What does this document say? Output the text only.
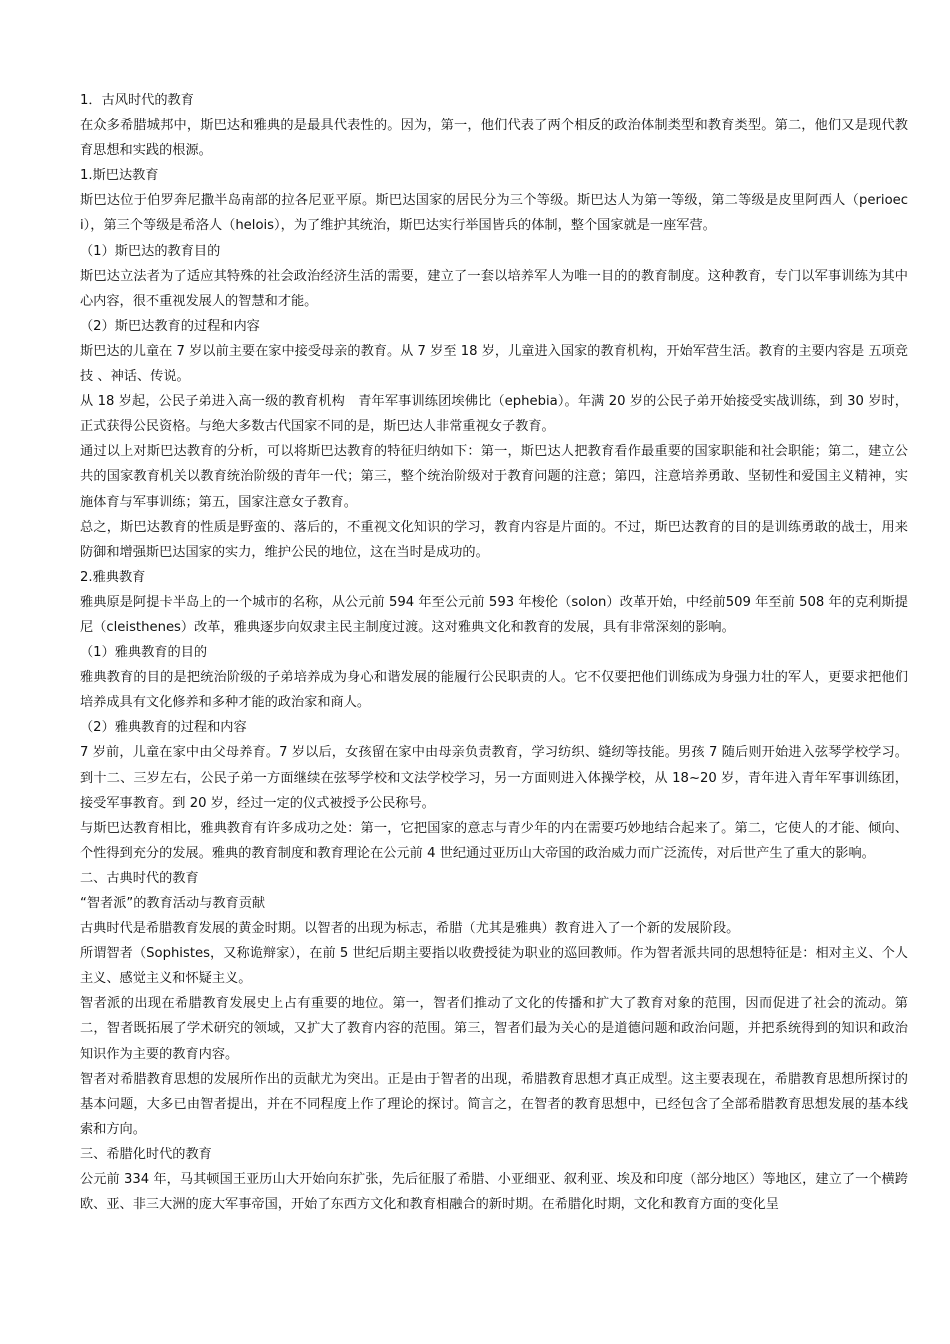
1．古风时代的教育

在众多希腊城邦中，斯巴达和雅典的是最具代表性的。因为，第一，他们代表了两个相反的政治体制类型和教育类型。第二，他们又是现代教育思想和实践的根源。

1.斯巴达教育

斯巴达位于伯罗奔尼撒半岛南部的拉各尼亚平原。斯巴达国家的居民分为三个等级。斯巴达人为第一等级，第二等级是皮里阿西人（perioeci），第三个等级是希洛人（helois），为了维护其统治，斯巴达实行举国皆兵的体制，整个国家就是一座军营。

（1）斯巴达的教育目的

斯巴达立法者为了适应其特殊的社会政治经济生活的需要，建立了一套以培养军人为唯一目的的教育制度。这种教育，专门以军事训练为其中心内容，很不重视发展人的智慧和才能。

（2）斯巴达教育的过程和内容

斯巴达的儿童在 7 岁以前主要在家中接受母亲的教育。从 7 岁至 18 岁，儿童进入国家的教育机构，开始军营生活。教育的主要内容是 五项竞技 、神话、传说。

从 18 岁起，公民子弟进入高一级的教育机构　青年军事训练团埃佛比（ephebia）。年满 20 岁的公民子弟开始接受实战训练，到 30 岁时，正式获得公民资格。与绝大多数古代国家不同的是，斯巴达人非常重视女子教育。

通过以上对斯巴达教育的分析，可以将斯巴达教育的特征归纳如下：第一，斯巴达人把教育看作最重要的国家职能和社会职能；第二，建立公共的国家教育机关以教育统治阶级的青年一代；第三，整个统治阶级对于教育问题的注意；第四，注意培养勇敢、坚韧性和爱国主义精神，实施体育与军事训练；第五，国家注意女子教育。

总之，斯巴达教育的性质是野蛮的、落后的，不重视文化知识的学习，教育内容是片面的。不过，斯巴达教育的目的是训练勇敢的战士，用来防御和增强斯巴达国家的实力，维护公民的地位，这在当时是成功的。

2.雅典教育

雅典原是阿提卡半岛上的一个城市的名称，从公元前 594 年至公元前 593 年梭伦（solon）改革开始，中经前509 年至前 508 年的克利斯提尼（cleisthenes）改革，雅典逐步向奴隶主民主制度过渡。这对雅典文化和教育的发展，具有非常深刻的影响。

（1）雅典教育的目的

雅典教育的目的是把统治阶级的子弟培养成为身心和谐发展的能履行公民职责的人。它不仅要把他们训练成为身强力壮的军人，更要求把他们培养成具有文化修养和多种才能的政治家和商人。

（2）雅典教育的过程和内容

7 岁前，儿童在家中由父母养育。7 岁以后，女孩留在家中由母亲负责教育，学习纺织、缝纫等技能。男孩 7 随后则开始进入弦琴学校学习。到十二、三岁左右，公民子弟一方面继续在弦琴学校和文法学校学习，另一方面则进入体操学校，从 18~20 岁，青年进入青年军事训练团，接受军事教育。到 20 岁，经过一定的仪式被授予公民称号。

与斯巴达教育相比，雅典教育有许多成功之处：第一，它把国家的意志与青少年的内在需要巧妙地结合起来了。第二，它使人的才能、倾向、个性得到充分的发展。雅典的教育制度和教育理论在公元前 4 世纪通过亚历山大帝国的政治威力而广泛流传，对后世产生了重大的影响。

二、古典时代的教育

“智者派”的教育活动与教育贡献

古典时代是希腊教育发展的黄金时期。以智者的出现为标志，希腊（尤其是雅典）教育进入了一个新的发展阶段。

所谓智者（Sophistes，又称诡辩家），在前 5 世纪后期主要指以收费授徒为职业的巡回教师。作为智者派共同的思想特征是：相对主义、个人主义、感觉主义和怀疑主义。

智者派的出现在希腊教育发展史上占有重要的地位。第一，智者们推动了文化的传播和扩大了教育对象的范围，因而促进了社会的流动。第二，智者既拓展了学术研究的领域，又扩大了教育内容的范围。第三，智者们最为关心的是道德问题和政治问题，并把系统得到的知识和政治知识作为主要的教育内容。

智者对希腊教育思想的发展所作出的贡献尤为突出。正是由于智者的出现，希腊教育思想才真正成型。这主要表现在，希腊教育思想所探讨的基本问题，大多已由智者提出，并在不同程度上作了理论的探讨。简言之，在智者的教育思想中，已经包含了全部希腊教育思想发展的基本线索和方向。

三、希腊化时代的教育

公元前 334 年，马其顿国王亚历山大开始向东扩张，先后征服了希腊、小亚细亚、叙利亚、埃及和印度（部分地区）等地区，建立了一个横跨欧、亚、非三大洲的庞大军事帝国，开始了东西方文化和教育相融合的新时期。在希腊化时期，文化和教育方面的变化呈
